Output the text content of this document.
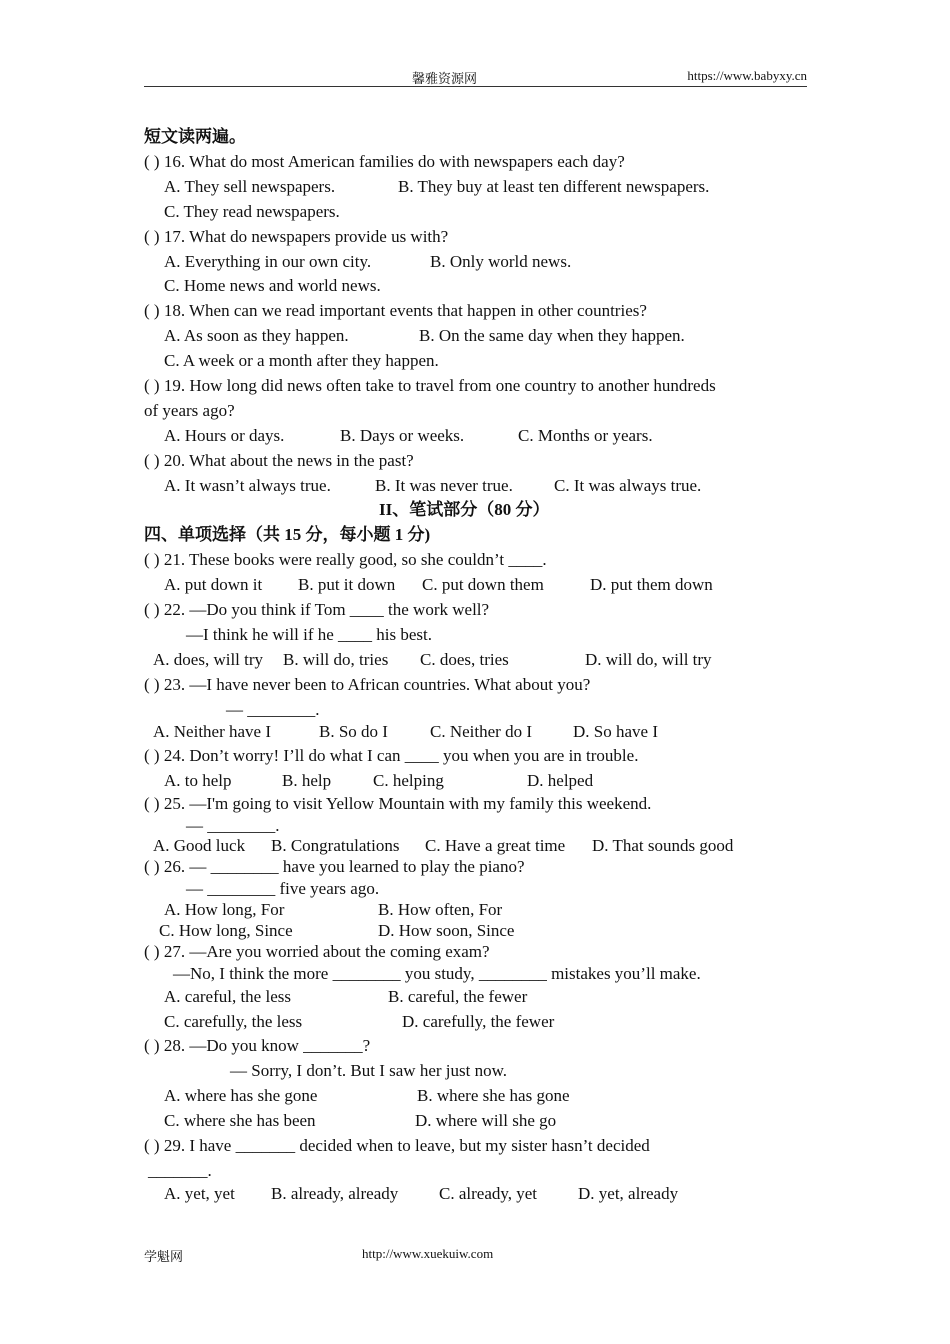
馨雅资源网	https://www.babyxy.cn
短文读两遍。
( ) 16. What do most American families do with newspapers each day?
A. They sell newspapers.	B. They buy at least ten different newspapers.
C. They read newspapers.
( ) 17. What do newspapers provide us with?
A. Everything in our own city.	B. Only world news.
C. Home news and world news.
( ) 18. When can we read important events that happen in other countries?
A. As soon as they happen.	B. On the same day when they happen.
C. A week or a month after they happen.
( ) 19. How long did news often take to travel from one country to another hundreds
of years ago?
A. Hours or days.	B. Days or weeks.	C. Months or years.
( ) 20. What about the news in the past?
A. It wasn’t always true.	B. It was never true. C. It was always true.
II、笔试部分（80 分）
四、单项选择（共 15 分，每小题 1 分)
( ) 21. These books were really good, so she couldn’t ____.
A. put down it B. put it down C. put down them	D. put them down
( ) 22. —Do you think if Tom ____ the work well?
—I think he will if he ____ his best.
A. does, will try B. will do, tries C. does, tries	D. will do, will try
( ) 23. —I have never been to African countries. What about you?
— ________.
A. Neither have I	B. So do I C. Neither do I D. So have I
( ) 24. Don’t worry! I’ll do what I can ____ you when you are in trouble.
A. to help	B. help C. helping	D. helped
( ) 25. —I'm going to visit Yellow Mountain with my family this weekend.
— ________.
A. Good luck B. Congratulations C. Have a great time D. That sounds good
( ) 26. — ________ have you learned to play the piano?
— ________ five years ago.
A. How long, For	B. How often, For
C. How long, Since	D. How soon, Since
( ) 27. —Are you worried about the coming exam?
—No, I think the more ________ you study, ________ mistakes you’ll make.
A. careful, the less	B. careful, the fewer
C. carefully, the less	D. carefully, the fewer
( ) 28. —Do you know _______?
— Sorry, I don’t. But I saw her just now.
A. where has she gone	B. where she has gone
C. where she has been	D. where will she go
( ) 29. I have _______ decided when to leave, but my sister hasn’t decided
_______.
A. yet, yet B. already, already C. already, yet D. yet, already
学魁网	http://www.xuekuiw.com
